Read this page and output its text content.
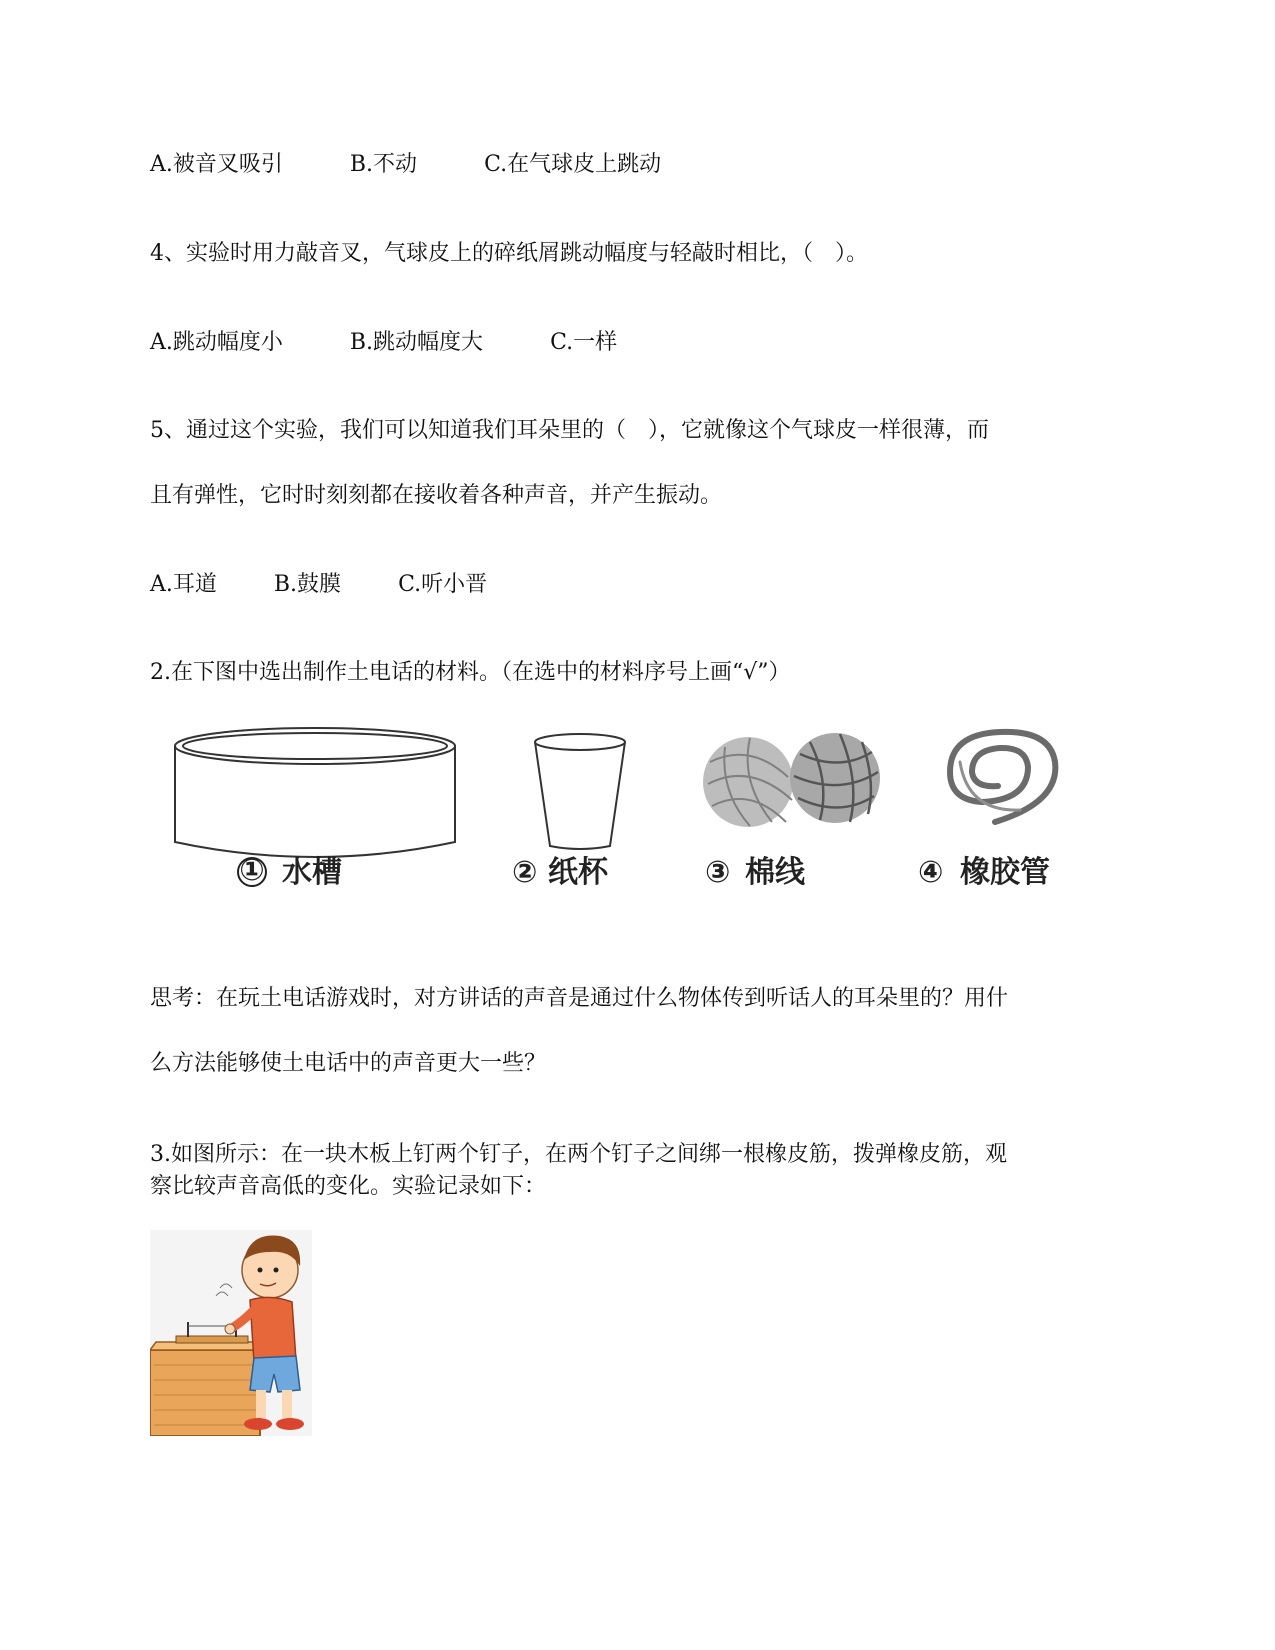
A.被音叉吸引	B.不动	C.在气球皮上跳动
4、实验时用力敲音叉，气球皮上的碎纸屑跳动幅度与轻敲时相比，（　）。
A.跳动幅度小	B.跳动幅度大	C.一样
5、通过这个实验，我们可以知道我们耳朵里的（　），它就像这个气球皮一样很薄，而
且有弹性，它时时刻刻都在接收着各种声音，并产生振动。
A.耳道	B.鼓膜	C.听小晋
2.在下图中选出制作土电话的材料。（在选中的材料序号上画“√”）
① 水槽	② 纸杯	③ 棉线	④ 橡胶管
思考：在玩土电话游戏时，对方讲话的声音是通过什么物体传到听话人的耳朵里的？用什
么方法能够使土电话中的声音更大一些？
3.如图所示：在一块木板上钉两个钉子，在两个钉子之间绑一根橡皮筋，拨弹橡皮筋，观
察比较声音高低的变化。实验记录如下：
